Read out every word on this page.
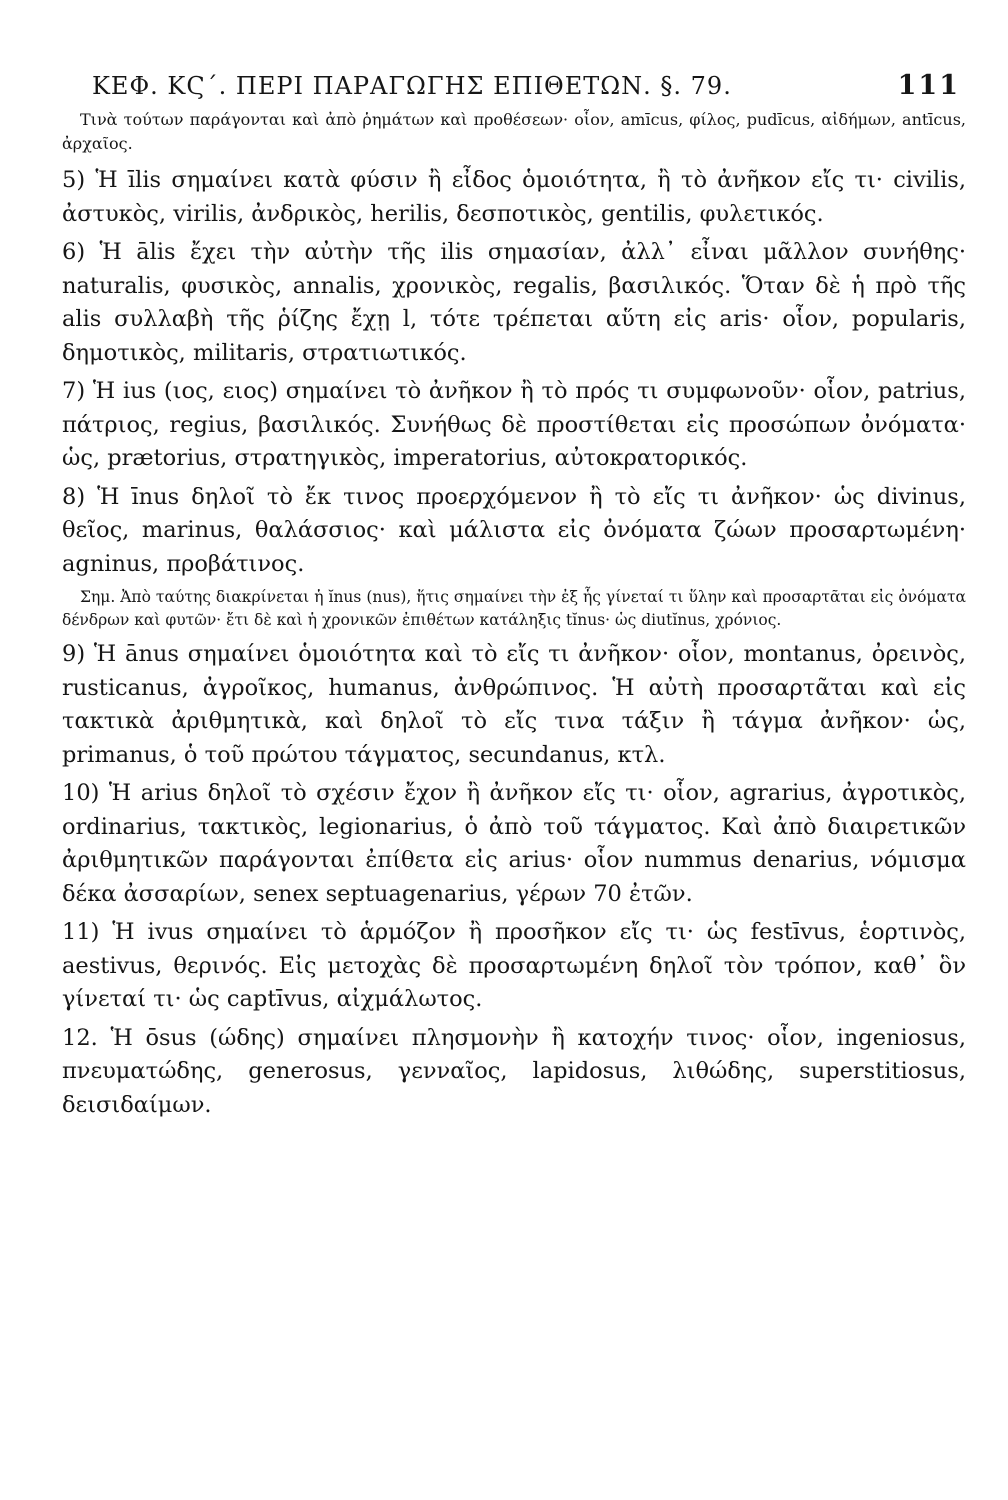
ΚΕΦ. ΚϚ΄. ΠΕΡΙ ΠΑΡΑΓΩΓΗΣ ΕΠΙΘΕΤΩΝ. §. 79.	111

Τινὰ τούτων παράγονται καὶ ἀπὸ ῥημάτων καὶ προθέσεων· οἷον, amīcus, φίλος, pudīcus, αἰδήμων, antīcus, ἀρχαῖος.

5) Ἡ īlis σημαίνει κατὰ φύσιν ἢ εἶδος ὁμοιότητα, ἢ τὸ ἀνῆκον εἴς τι· civilis, ἀστυκὸς, virilis, ἀνδρικὸς, herilis, δεσποτικὸς, gentilis, φυλετικός.

6) Ἡ ālis ἔχει τὴν αὐτὴν τῆς ilis σημασίαν, ἀλλ᾽ εἶναι μᾶλλον συνήθης· naturalis, φυσικὸς, annalis, χρονικὸς, regalis, βασιλικός. Ὅταν δὲ ἡ πρὸ τῆς alis συλλαβὴ τῆς ῥίζης ἔχῃ l, τότε τρέπεται αὕτη εἰς aris· οἷον, popularis, δημοτικὸς, militaris, στρατιωτικός.

7) Ἡ ius (ιος, ειος) σημαίνει τὸ ἀνῆκον ἢ τὸ πρός τι συμφωνοῦν· οἷον, patrius, πάτριος, regius, βασιλικός. Συνήθως δὲ προστίθεται εἰς προσώπων ὀνόματα· ὡς, prætorius, στρατηγικὸς, imperatorius, αὐτοκρατορικός.

8) Ἡ īnus δηλοῖ τὸ ἔκ τινος προερχόμενον ἢ τὸ εἴς τι ἀνῆκον· ὡς divinus, θεῖος, marinus, θαλάσσιος· καὶ μάλιστα εἰς ὀνόματα ζώων προσαρτωμένη· agninus, προβάτινος.

Σημ. Ἀπὸ ταύτης διακρίνεται ἡ ĭnus (nus), ἥτις σημαίνει τὴν ἐξ ἧς γίνεταί τι ὕλην καὶ προσαρτᾶται εἰς ὀνόματα δένδρων καὶ φυτῶν· ἔτι δὲ καὶ ἡ χρονικῶν ἐπιθέτων κατάληξις tĭnus· ὡς diutĭnus, χρόνιος.

9) Ἡ ānus σημαίνει ὁμοιότητα καὶ τὸ εἴς τι ἀνῆκον· οἷον, montanus, ὀρεινὸς, rusticanus, ἀγροῖκος, humanus, ἀνθρώπινος. Ἡ αὐτὴ προσαρτᾶται καὶ εἰς τακτικὰ ἀριθμητικὰ, καὶ δηλοῖ τὸ εἴς τινα τάξιν ἢ τάγμα ἀνῆκον· ὡς, primanus, ὁ τοῦ πρώτου τάγματος, secundanus, κτλ.

10) Ἡ arius δηλοῖ τὸ σχέσιν ἔχον ἢ ἀνῆκον εἴς τι· οἷον, agrarius, ἀγροτικὸς, ordinarius, τακτικὸς, legionarius, ὁ ἀπὸ τοῦ τάγματος. Καὶ ἀπὸ διαιρετικῶν ἀριθμητικῶν παράγονται ἐπίθετα εἰς arius· οἷον nummus denarius, νόμισμα δέκα ἀσσαρίων, senex septuagenarius, γέρων 70 ἐτῶν.

11) Ἡ ivus σημαίνει τὸ ἁρμόζον ἢ προσῆκον εἴς τι· ὡς festīvus, ἑορτινὸς, aestivus, θερινός. Εἰς μετοχὰς δὲ προσαρτωμένη δηλοῖ τὸν τρόπον, καθ᾽ ὃν γίνεταί τι· ὡς captīvus, αἰχμάλωτος.

12. Ἡ ōsus (ώδης) σημαίνει πλησμονὴν ἢ κατοχήν τινος· οἷον, ingeniosus, πνευματώδης, generosus, γενναῖος, lapidosus, λιθώδης, superstitiosus, δεισιδαίμων.
